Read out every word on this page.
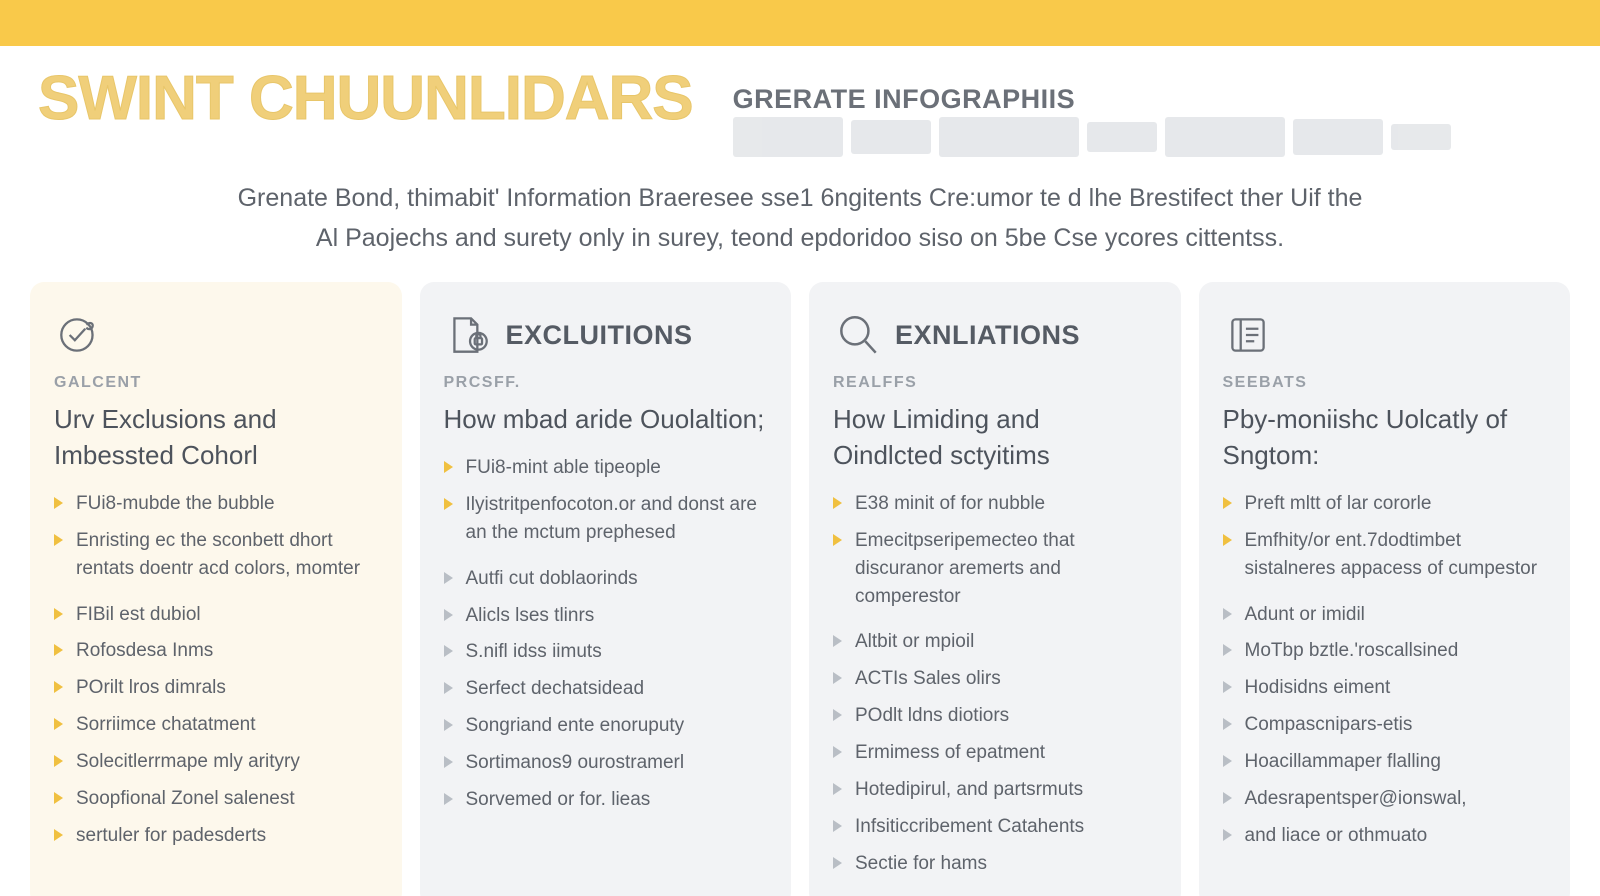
SWINT CHUUNLIDARS GRERATE INFOGRAPHIIS
Grenate Bond, thimabit' Information Braeresee sse1 6ngitents Cre:umor te d lhe Brestifect ther Uif the
Al Paojechs and surety only in surey, teond epdoridoo siso on 5be Cse ycores cittentss.
GALCENT
Urv Exclusions and Imbessted Cohorl
FUi8-mubde the bubble
Enristing ec the sconbett dhort rentats doentr acd colors, momter
FIBil est dubiol
Rofosdesa Inms
POrilt lros dimrals
Sorriimce chatatment
Solecitlerrmape mly arityry
Soopfional Zonel salenest
sertuler for padesderts
EXCLUITIONS
PRCSFF.
How mbad aride Ouolaltion;
FUi8-mint able tipeople
Ilyistritpenfocoton.or and donst are an the mctum prephesed
Autfi cut doblaorinds
Alicls lses tlinrs
S.nifl idss iimuts
Serfect dechatsidead
Songriand ente enoruputy
Sortimanos9 ourostramerl
Sorvemed or for. lieas
EXNLIATIONS
REALFFS
How Limiding and Oindlcted sctyitims
E38 minit of for nubble
Emecitpseripemecteo that discuranor aremerts and comperestor
Altbit or mpioil
ACTIs Sales olirs
POdlt ldns diotiors
Ermimess of epatment
Hotedipirul, and partsrmuts
Infsiticcribement Catahents
Sectie for hams
SEEBATS
Pby-moniishc Uolcatly of Sngtom:
Preft mltt of lar cororle
Emfhity/or ent.7dodtimbet sistalneres appacess of cumpestor
Adunt or imidil
MoTbp bztle.'roscallsined
Hodisidns eiment
Compascnipars-etis
Hoacillammaper flalling
Adesrapentsper@ionswal,
and liace or othmuato
